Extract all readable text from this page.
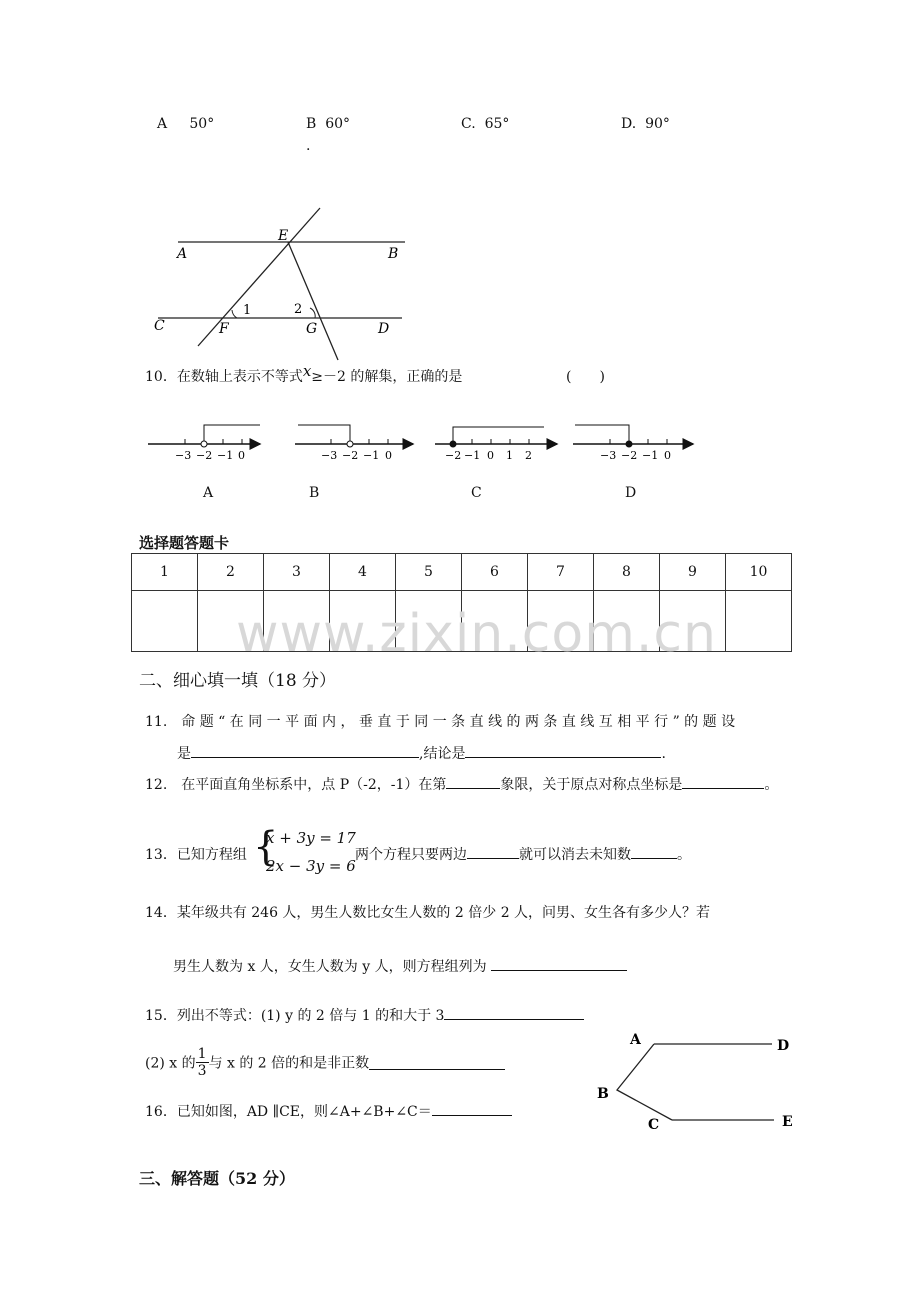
A 50°	B 60°
.
C. 65°	D. 90°
E
A	B
C	D
F	G
1	2
10．在数轴上表示不等式x≥－2 的解集，正确的是	(　　)
−3 −2 −1 0	−3 −2 −1 0	−2 −1 0 1 2	−3 −2 −1 0
A	B	C	D
选择题答题卡
1	2	3	4	5	6	7	8	9	10

www.zixin.com.cn
二、细心填一填（18 分）
11.　命 题 “ 在 同 一 平 面 内 ， 垂 直 于 同 一 条 直 线 的 两 条 直 线 互 相 平 行 ” 的 题 设
是	,结论是	.
12.　在平面直角坐标系中，点 P（-2，-1）在第	象限，关于原点对称点坐标是	。
13．已知方程组 {
x + 3y = 17
2x − 3y = 6
两个方程只要两边	就可以消去未知数	。
14．某年级共有 246 人，男生人数比女生人数的 2 倍少 2 人，问男、女生各有多少人？若
男生人数为 x 人，女生人数为 y 人，则方程组列为
15．列出不等式：(1) y 的 2 倍与 1 的和大于 3
(2) x 的 $\frac{1}{3}$ 与 x 的 2 倍的和是非正数
16．已知如图，AD ∥CE，则∠A+∠B+∠C＝
A
B
C
D
E
三、解答题（52 分）
